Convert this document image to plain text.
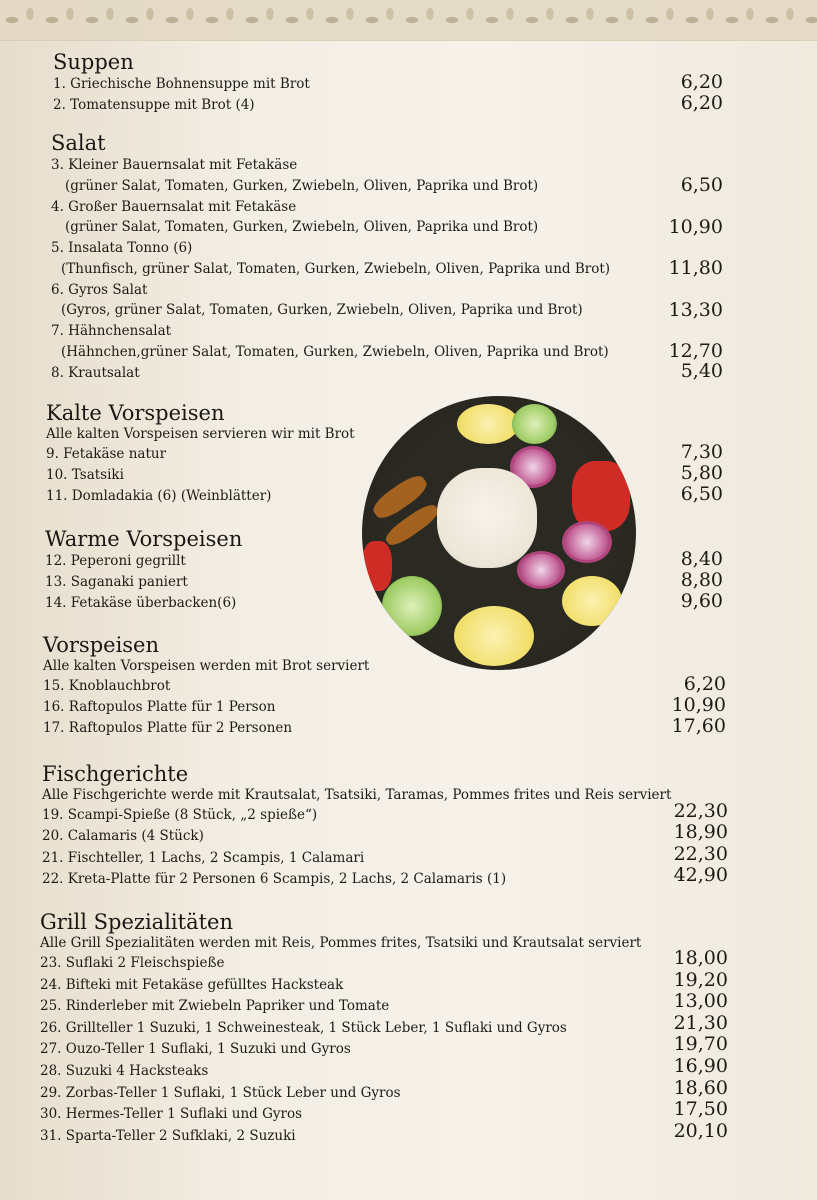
Suppen
1. Griechische Bohnensuppe mit Brot	6,20
2. Tomatensuppe mit Brot (4)	6,20
Salat
3. Kleiner Bauernsalat mit Fetakäse
(grüner Salat, Tomaten, Gurken, Zwiebeln, Oliven, Paprika und Brot)	6,50
4. Großer Bauernsalat mit Fetakäse
(grüner Salat, Tomaten, Gurken, Zwiebeln, Oliven, Paprika und Brot)	10,90
5. Insalata Tonno (6)
(Thunfisch, grüner Salat, Tomaten, Gurken, Zwiebeln, Oliven, Paprika und Brot)	11,80
6. Gyros Salat
(Gyros, grüner Salat, Tomaten, Gurken, Zwiebeln, Oliven, Paprika und Brot)	13,30
7. Hähnchensalat
(Hähnchen,grüner Salat, Tomaten, Gurken, Zwiebeln, Oliven, Paprika und Brot)	12,70
8. Krautsalat	5,40
Kalte Vorspeisen

Alle kalten Vorspeisen servieren wir mit Brot

9. Fetakäse natur	7,30
10. Tsatsiki	5,80
11. Domladakia (6) (Weinblätter)	6,50
Warme Vorspeisen
12. Peperoni gegrillt	8,40
13. Saganaki paniert	8,80
14. Fetakäse überbacken(6)	9,60
Vorspeisen

Alle kalten Vorspeisen werden mit Brot serviert

15. Knoblauchbrot	6,20
16. Raftopulos Platte für 1 Person	10,90
17. Raftopulos Platte für 2 Personen	17,60
Fischgerichte

Alle Fischgerichte werde mit Krautsalat, Tsatsiki, Taramas, Pommes frites und Reis serviert

19. Scampi-Spieße (8 Stück, „2 spieße“)	22,30
20. Calamaris (4 Stück)	18,90
21. Fischteller, 1 Lachs, 2 Scampis, 1 Calamari	22,30
22. Kreta-Platte für 2 Personen 6 Scampis, 2 Lachs, 2 Calamaris (1)	42,90
Grill Spezialitäten

Alle Grill Spezialitäten werden mit Reis, Pommes frites, Tsatsiki und Krautsalat serviert

23. Suflaki 2 Fleischspieße	18,00
24. Bifteki mit Fetakäse gefülltes Hacksteak	19,20
25. Rinderleber mit Zwiebeln Papriker und Tomate	13,00
26. Grillteller 1 Suzuki, 1 Schweinesteak, 1 Stück Leber, 1 Suflaki und Gyros	21,30
27. Ouzo-Teller 1 Suflaki, 1 Suzuki und Gyros	19,70
28. Suzuki 4 Hacksteaks	16,90
29. Zorbas-Teller 1 Suflaki, 1 Stück Leber und Gyros	18,60
30. Hermes-Teller 1 Suflaki und Gyros	17,50
31. Sparta-Teller 2 Sufklaki, 2 Suzuki	20,10
